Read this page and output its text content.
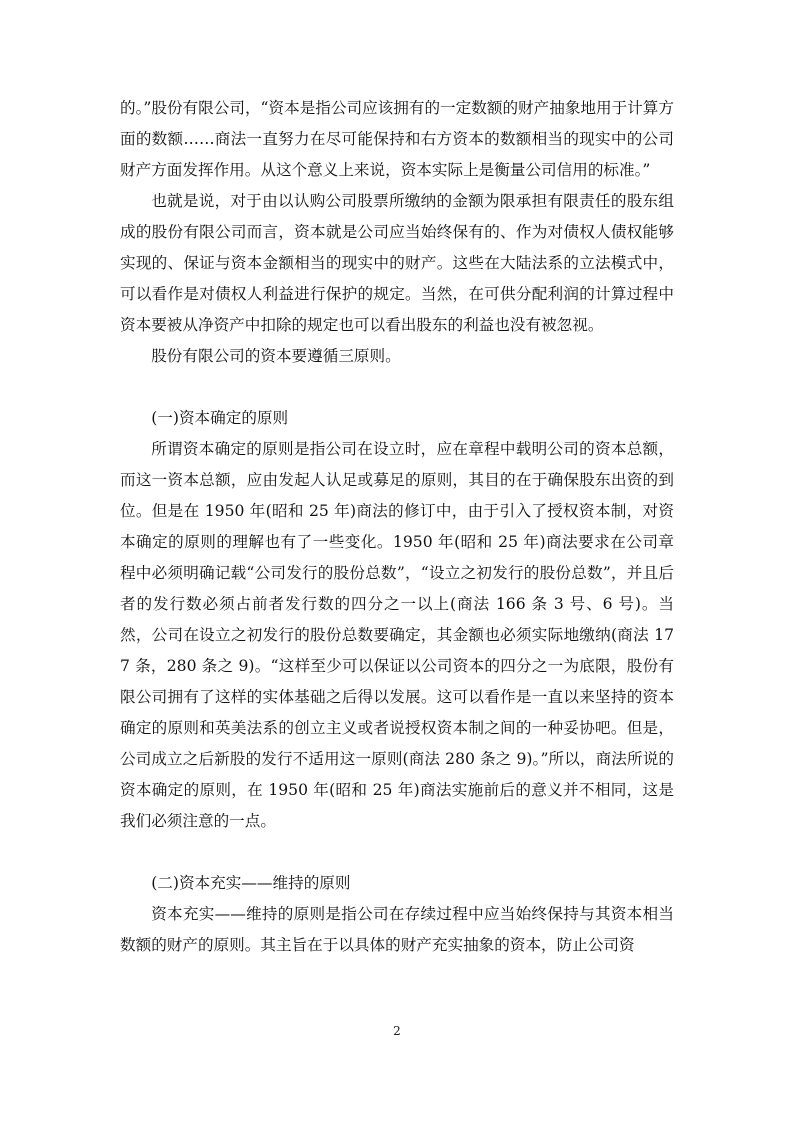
的。”股份有限公司，“资本是指公司应该拥有的一定数额的财产抽象地用于计算方面的数额……商法一直努力在尽可能保持和右方资本的数额相当的现实中的公司财产方面发挥作用。从这个意义上来说，资本实际上是衡量公司信用的标准。”

也就是说，对于由以认购公司股票所缴纳的金额为限承担有限责任的股东组成的股份有限公司而言，资本就是公司应当始终保有的、作为对债权人债权能够实现的、保证与资本金额相当的现实中的财产。这些在大陆法系的立法模式中，可以看作是对债权人利益进行保护的规定。当然，在可供分配利润的计算过程中资本要被从净资产中扣除的规定也可以看出股东的利益也没有被忽视。

股份有限公司的资本要遵循三原则。

(一)资本确定的原则

所谓资本确定的原则是指公司在设立时，应在章程中载明公司的资本总额，而这一资本总额，应由发起人认足或募足的原则，其目的在于确保股东出资的到位。但是在 1950 年(昭和 25 年)商法的修订中，由于引入了授权资本制，对资本确定的原则的理解也有了一些变化。1950 年(昭和 25 年)商法要求在公司章程中必须明确记载“公司发行的股份总数”，“设立之初发行的股份总数”，并且后者的发行数必须占前者发行数的四分之一以上(商法 166 条 3 号、6 号)。当然，公司在设立之初发行的股份总数要确定，其金额也必须实际地缴纳(商法 177 条，280 条之 9)。“这样至少可以保证以公司资本的四分之一为底限，股份有限公司拥有了这样的实体基础之后得以发展。这可以看作是一直以来坚持的资本确定的原则和英美法系的创立主义或者说授权资本制之间的一种妥协吧。但是，公司成立之后新股的发行不适用这一原则(商法 280 条之 9)。”所以，商法所说的资本确定的原则，在 1950 年(昭和 25 年)商法实施前后的意义并不相同，这是我们必须注意的一点。

(二)资本充实——维持的原则

资本充实——维持的原则是指公司在存续过程中应当始终保持与其资本相当数额的财产的原则。其主旨在于以具体的财产充实抽象的资本，防止公司资

2
